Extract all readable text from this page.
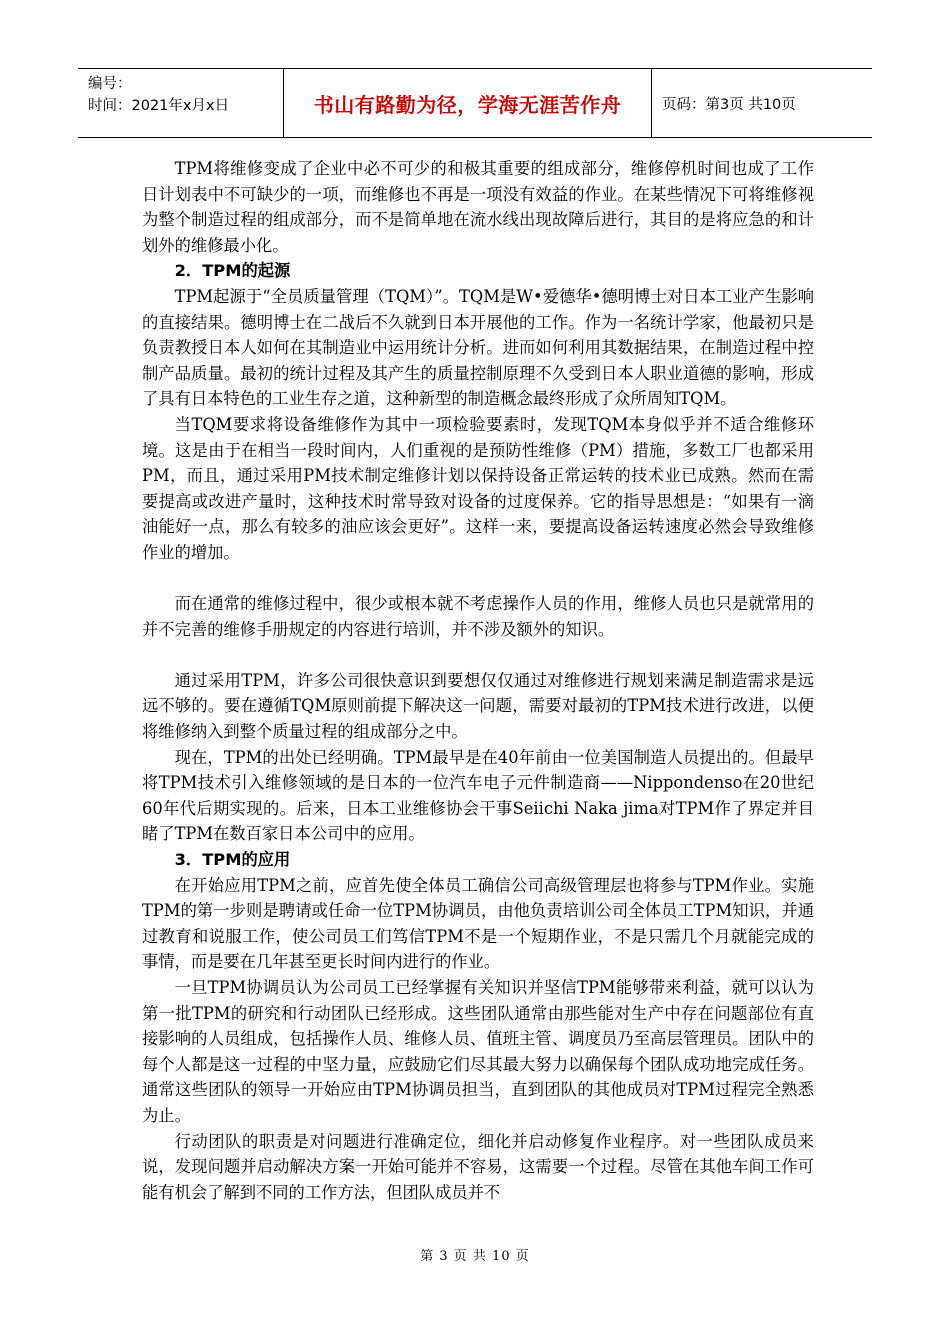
编号：
时间：2021年x月x日	书山有路勤为径，学海无涯苦作舟	页码：第3页 共10页

TPM将维修变成了企业中必不可少的和极其重要的组成部分，维修停机时间也成了工作日计划表中不可缺少的一项，而维修也不再是一项没有效益的作业。在某些情况下可将维修视为整个制造过程的组成部分，而不是简单地在流水线出现故障后进行，其目的是将应急的和计划外的维修最小化。

2．TPM的起源

TPM起源于“全员质量管理（TQM）”。TQM是W•爱德华•德明博士对日本工业产生影响的直接结果。德明博士在二战后不久就到日本开展他的工作。作为一名统计学家，他最初只是负责教授日本人如何在其制造业中运用统计分析。进而如何利用其数据结果，在制造过程中控制产品质量。最初的统计过程及其产生的质量控制原理不久受到日本人职业道德的影响，形成了具有日本特色的工业生存之道，这种新型的制造概念最终形成了众所周知TQM。

当TQM要求将设备维修作为其中一项检验要素时，发现TQM本身似乎并不适合维修环境。这是由于在相当一段时间内，人们重视的是预防性维修（PM）措施，多数工厂也都采用PM，而且，通过采用PM技术制定维修计划以保持设备正常运转的技术业已成熟。然而在需要提高或改进产量时，这种技术时常导致对设备的过度保养。它的指导思想是：“如果有一滴油能好一点，那么有较多的油应该会更好”。这样一来，要提高设备运转速度必然会导致维修作业的增加。

而在通常的维修过程中，很少或根本就不考虑操作人员的作用，维修人员也只是就常用的并不完善的维修手册规定的内容进行培训，并不涉及额外的知识。

通过采用TPM，许多公司很快意识到要想仅仅通过对维修进行规划来满足制造需求是远远不够的。要在遵循TQM原则前提下解决这一问题，需要对最初的TPM技术进行改进，以便将维修纳入到整个质量过程的组成部分之中。

现在，TPM的出处已经明确。TPM最早是在40年前由一位美国制造人员提出的。但最早将TPM技术引入维修领域的是日本的一位汽车电子元件制造商——Nippondenso在20世纪60年代后期实现的。后来，日本工业维修协会干事Seiichi Naka jima对TPM作了界定并目睹了TPM在数百家日本公司中的应用。

3．TPM的应用

在开始应用TPM之前，应首先使全体员工确信公司高级管理层也将参与TPM作业。实施TPM的第一步则是聘请或任命一位TPM协调员，由他负责培训公司全体员工TPM知识，并通过教育和说服工作，使公司员工们笃信TPM不是一个短期作业，不是只需几个月就能完成的事情，而是要在几年甚至更长时间内进行的作业。

一旦TPM协调员认为公司员工已经掌握有关知识并坚信TPM能够带来利益，就可以认为第一批TPM的研究和行动团队已经形成。这些团队通常由那些能对生产中存在问题部位有直接影响的人员组成，包括操作人员、维修人员、值班主管、调度员乃至高层管理员。团队中的每个人都是这一过程的中坚力量，应鼓励它们尽其最大努力以确保每个团队成功地完成任务。通常这些团队的领导一开始应由TPM协调员担当，直到团队的其他成员对TPM过程完全熟悉为止。

行动团队的职责是对问题进行准确定位，细化并启动修复作业程序。对一些团队成员来说，发现问题并启动解决方案一开始可能并不容易，这需要一个过程。尽管在其他车间工作可能有机会了解到不同的工作方法，但团队成员并不

第 3 页 共 10 页
